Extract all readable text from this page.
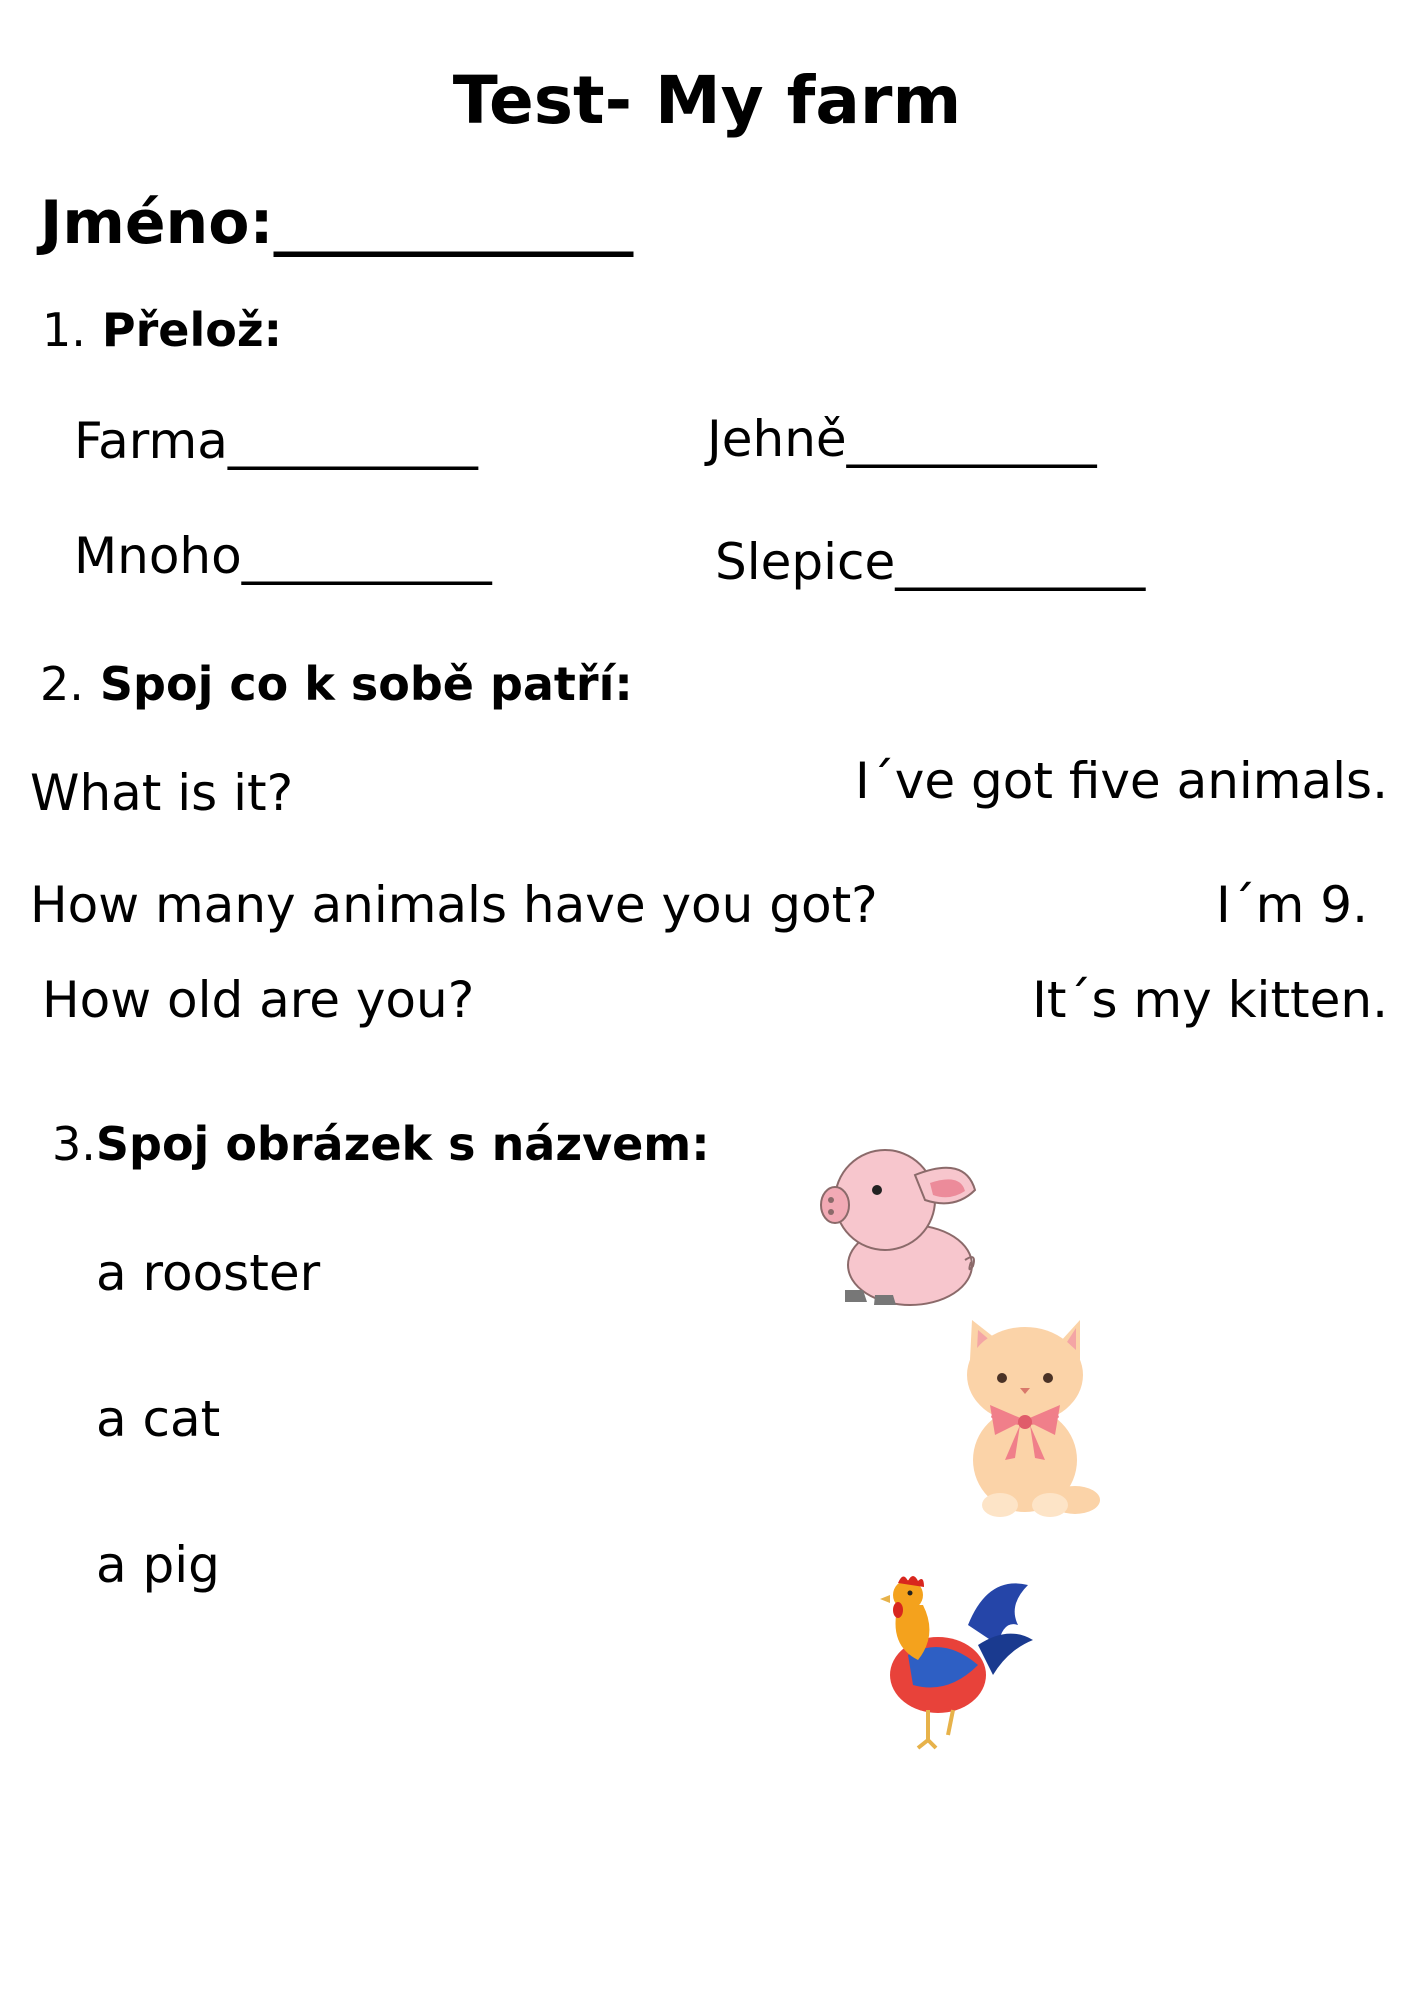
Test- My farm
Jméno:____________
1. Přelož:
Farma__________	Jehně__________
Mnoho__________	Slepice__________
2. Spoj co k sobě patří:
What is it?
How many animals have you got?
How old are you?
I´ve got five animals.
I´m 9.
It´s my kitten.
3.Spoj obrázek s názvem:
a rooster
a cat
a pig
